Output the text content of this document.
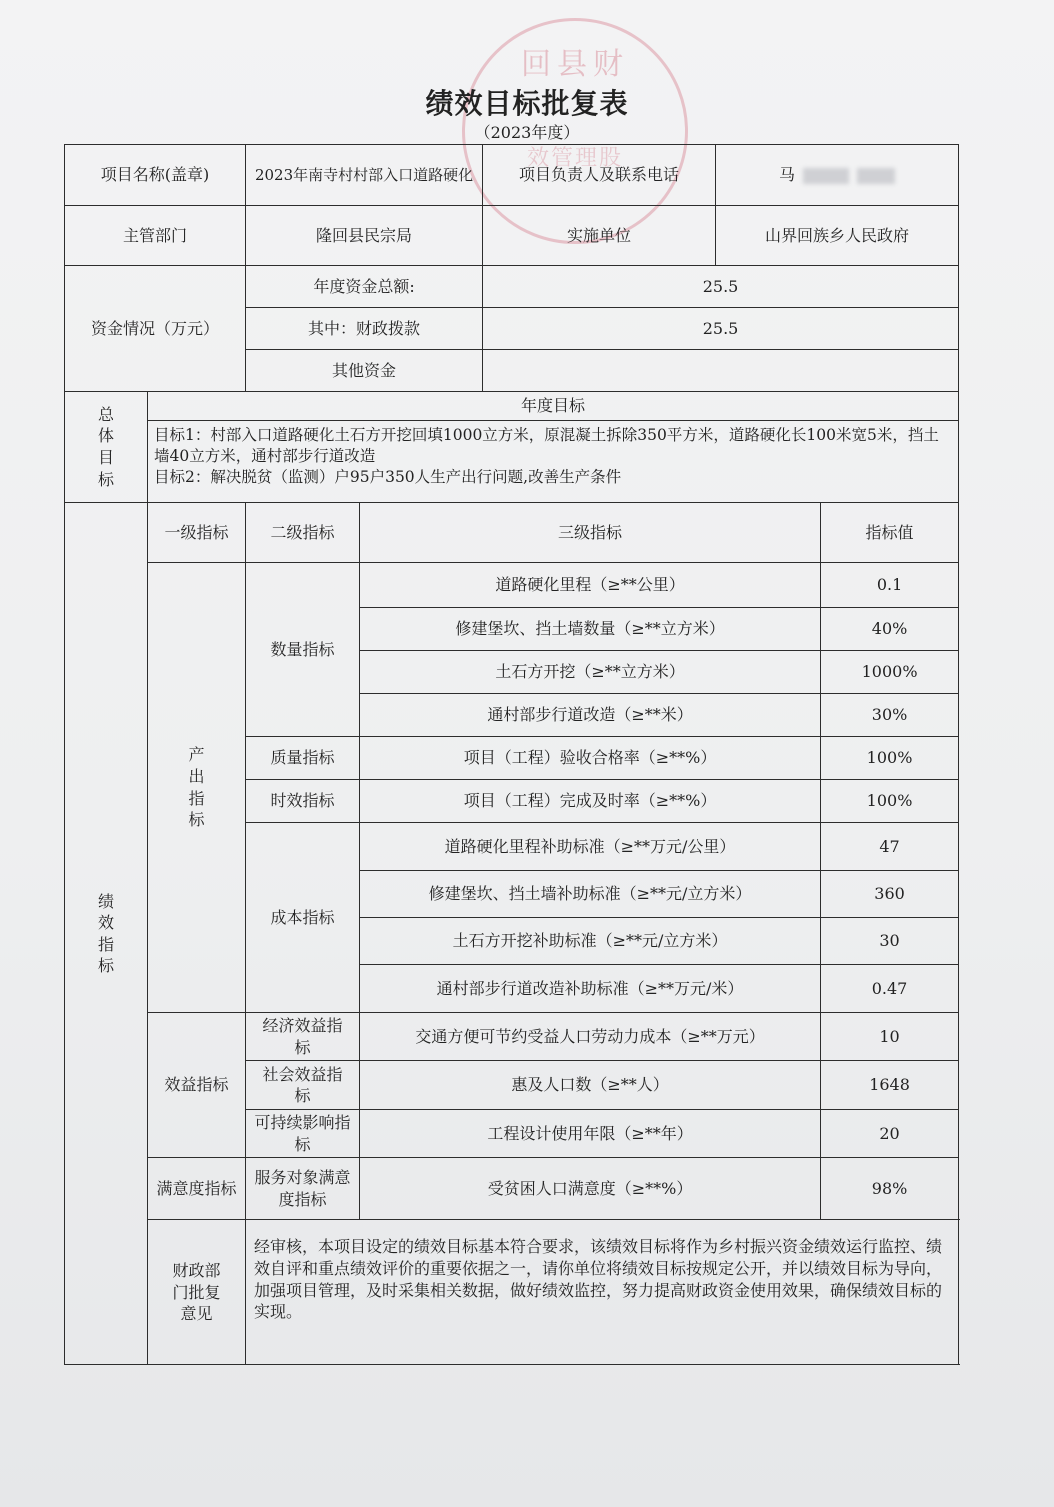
回县财
效管理股
绩效目标批复表
（2023年度）
项目名称(盖章)		2023年南寺村村部入口道路硬化		项目负责人及联系电话	马	
主管部门		隆回县民宗局		实施单位	山界回族乡人民政府	
资金情况（万元）		年度资金总额:		25.5		
		其中：财政拨款		25.5		
		其他资金				

总体目标	年度目标					

	目标1：村部入口道路硬化土石方开挖回填1000立方米，原混凝土拆除350平方米，道路硬化长100米宽5米，挡土墙40立方米，通村部步行道改造
目标2：解决脱贫（监测）户95户350人生产出行问题,改善生产条件					

绩效指标	一级指标	二级指标	三级指标			指标值

	产出指标	数量指标	道路硬化里程（≥**公里）			0.1
			修建堡坎、挡土墙数量（≥**立方米）			40%
			土石方开挖（≥**立方米）			1000%
			通村部步行道改造（≥**米）			30%
		质量指标	项目（工程）验收合格率（≥**%）			100%
		时效指标	项目（工程）完成及时率（≥**%）			100%
		成本指标	道路硬化里程补助标准（≥**万元/公里）			47
			修建堡坎、挡土墙补助标准（≥**元/立方米）			360
			土石方开挖补助标准（≥**元/立方米）			30
			通村部步行道改造补助标准（≥**万元/米）			0.47
	效益指标	经济效益指标	交通方便可节约受益人口劳动力成本（≥**万元）			10

		社会效益指标	惠及人口数（≥**人）			1648

		可持续影响指标	工程设计使用年限（≥**年）			20
	满意度指标	服务对象满意度指标	受贫困人口满意度（≥**%）			98%

	财政部门批复意见	经审核，本项目设定的绩效目标基本符合要求，该绩效目标将作为乡村振兴资金绩效运行监控、绩效自评和重点绩效评价的重要依据之一，请你单位将绩效目标按规定公开，并以绩效目标为导向，加强项目管理，及时采集相关数据，做好绩效监控，努力提高财政资金使用效果，确保绩效目标的实现。				
